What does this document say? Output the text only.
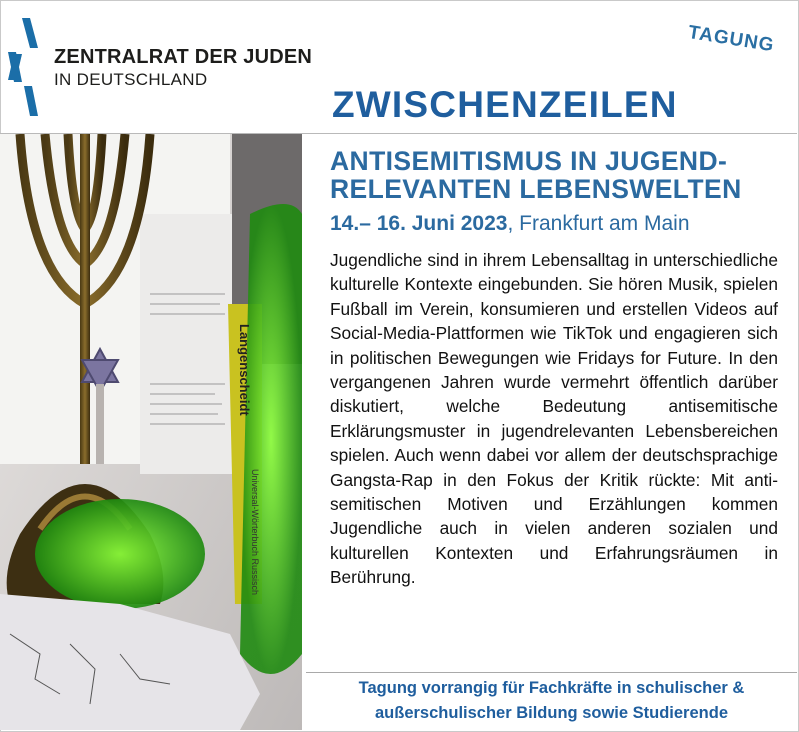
ZENTRALRAT DER JUDEN
IN DEUTSCHLAND
TAGUNG
ZWISCHENZEILEN
Langenscheidt
Universal-Wörterbuch Russisch
ANTISEMITISMUS IN JUGEND-
RELEVANTEN LEBENSWELTEN
14.– 16. Juni 2023, Frankfurt am Main
Jugendliche sind in ihrem Lebensalltag in unterschiedliche kulturelle Kontexte eingebunden. Sie hören Musik, spielen Fußball im Verein, konsumieren und erstellen Videos auf Social-Media-Plattformen wie TikTok und engagieren sich in politischen Bewegungen wie Fridays for Future. In den vergangenen Jahren wurde vermehrt öffentlich darüber diskutiert, welche Bedeutung antisemitische Erklärungsmuster in jugendrelevanten Lebensbereichen spielen. Auch wenn dabei vor allem der deutschsprachige Gangsta-Rap in den Fokus der Kritik rückte: Mit antisemitischen Motiven und Erzählungen kommen Jugendliche auch in vielen anderen sozialen und kulturellen Kontexten und Erfahrungsräumen in Berührung.
Tagung vorrangig für Fachkräfte in schulischer &
außerschulischer Bildung sowie Studierende
